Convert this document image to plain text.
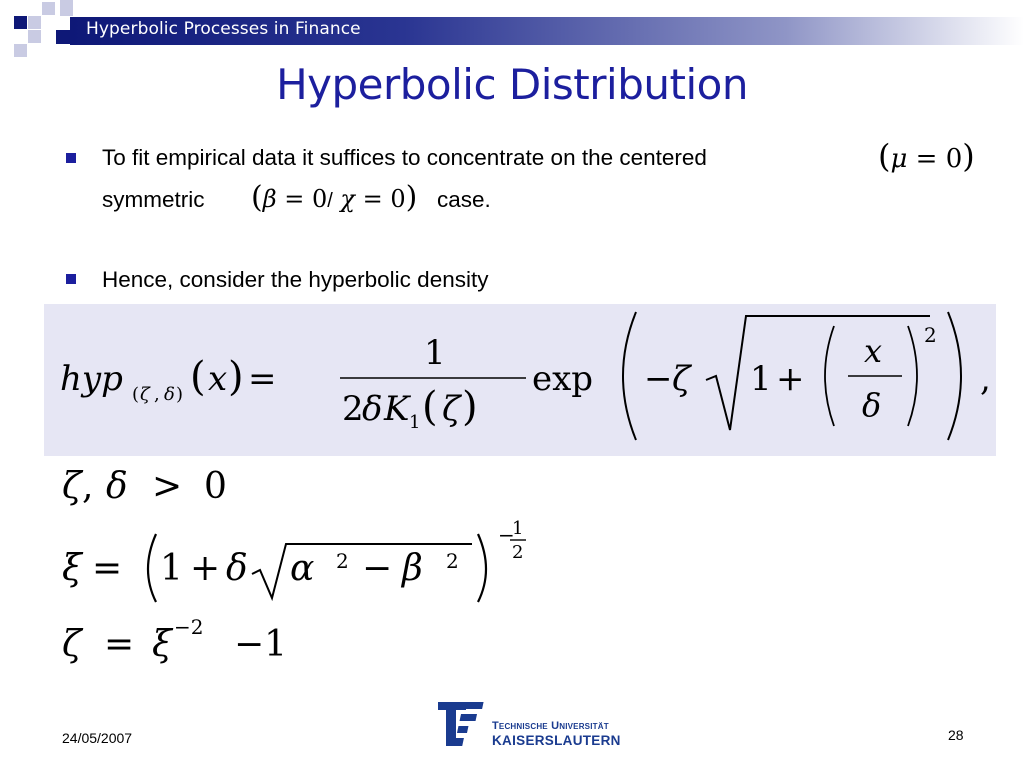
Hyperbolic Processes in Finance
Hyperbolic Distribution
To fit empirical data it suffices to concentrate on the centered
symmetric	case.
(μ = 0)
(β = 0/ χ = 0)
Hence, consider the hyperbolic density
hyp ( ζ , δ ) ( x ) =
1
2
δ K 1 ( ζ )
exp − ζ 1 +
x
δ
2
,
ζ , δ > 0
ξ = 1 + δ α 2 − β 2
−
1
2
ζ = ξ −2 −1
24/05/2007	28
Technische Universität
KAISERSLAUTERN
